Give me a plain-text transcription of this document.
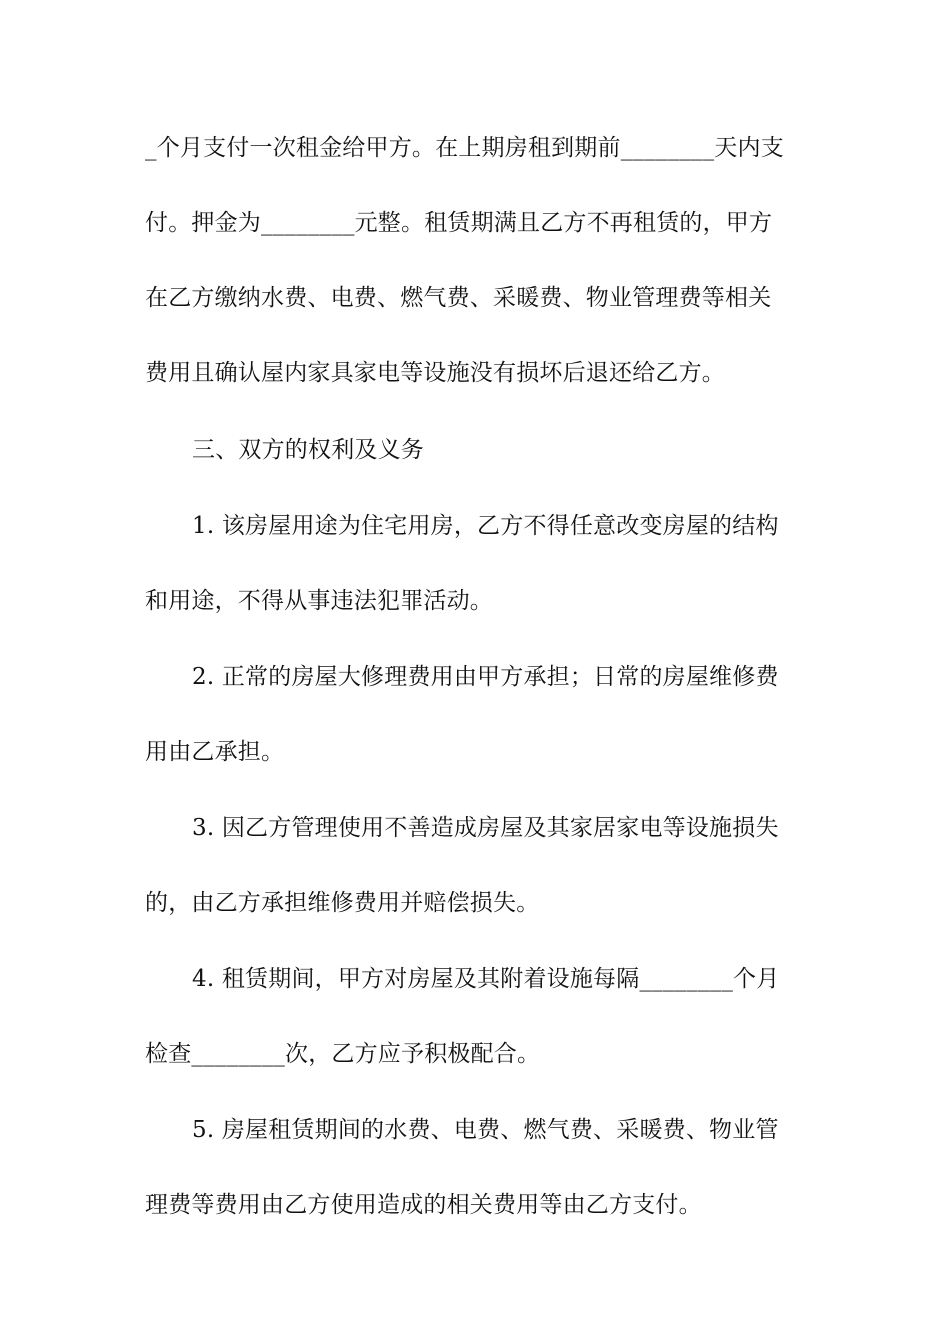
_个月支付一次租金给甲方。在上期房租到期前________天内支
付。押金为________元整。租赁期满且乙方不再租赁的，甲方
在乙方缴纳水费、电费、燃气费、采暖费、物业管理费等相关
费用且确认屋内家具家电等设施没有损坏后退还给乙方。
三、双方的权利及义务
1. 该房屋用途为住宅用房，乙方不得任意改变房屋的结构
和用途，不得从事违法犯罪活动。
2. 正常的房屋大修理费用由甲方承担；日常的房屋维修费
用由乙承担。
3. 因乙方管理使用不善造成房屋及其家居家电等设施损失
的，由乙方承担维修费用并赔偿损失。
4. 租赁期间，甲方对房屋及其附着设施每隔________个月
检查________次，乙方应予积极配合。
5. 房屋租赁期间的水费、电费、燃气费、采暖费、物业管
理费等费用由乙方使用造成的相关费用等由乙方支付。
